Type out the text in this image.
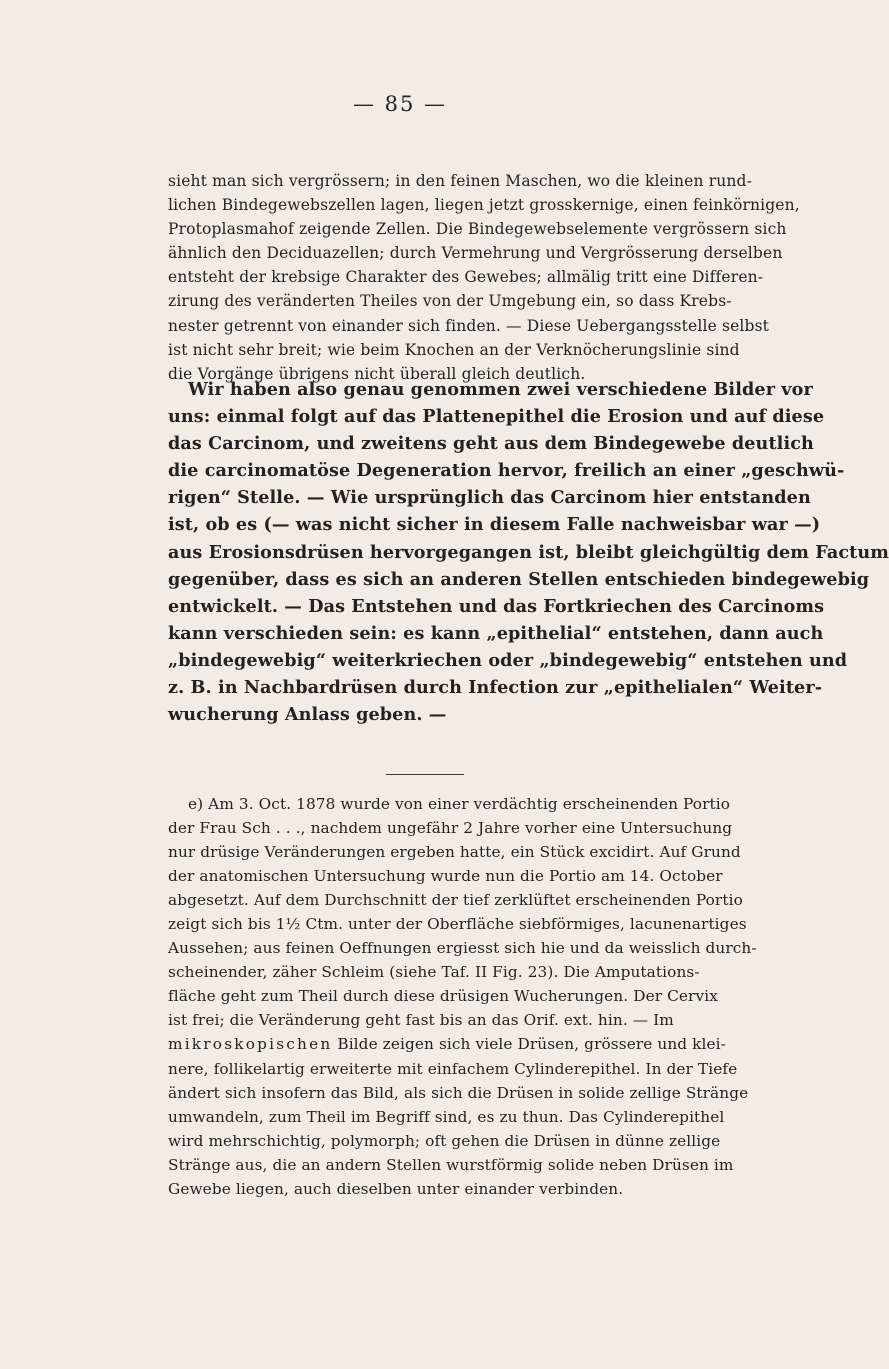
— 85 —

sieht man sich vergrössern; in den feinen Maschen, wo die kleinen rund-
lichen Bindegewebszellen lagen, liegen jetzt grosskernige, einen feinkörnigen,
Protoplasmahof zeigende Zellen. Die Bindegewebselemente vergrössern sich
ähnlich den Deciduazellen; durch Vermehrung und Vergrösserung derselben
entsteht der krebsige Charakter des Gewebes; allmälig tritt eine Differen-
zirung des veränderten Theiles von der Umgebung ein, so dass Krebs-
nester getrennt von einander sich finden. — Diese Uebergangsstelle selbst
ist nicht sehr breit; wie beim Knochen an der Verknöcherungslinie sind
die Vorgänge übrigens nicht überall gleich deutlich.

Wir haben also genau genommen zwei verschiedene Bilder vor
uns: einmal folgt auf das Plattenepithel die Erosion und auf diese
das Carcinom, und zweitens geht aus dem Bindegewebe deutlich
die carcinomatöse Degeneration hervor, freilich an einer „geschwü-
rigen“ Stelle. — Wie ursprünglich das Carcinom hier entstanden
ist, ob es (— was nicht sicher in diesem Falle nachweisbar war —)
aus Erosionsdrüsen hervorgegangen ist, bleibt gleichgültig dem Factum
gegenüber, dass es sich an anderen Stellen entschieden bindegewebig
entwickelt. — Das Entstehen und das Fortkriechen des Carcinoms
kann verschieden sein: es kann „epithelial“ entstehen, dann auch
„bindegewebig“ weiterkriechen oder „bindegewebig“ entstehen und
z. B. in Nachbardrüsen durch Infection zur „epithelialen“ Weiter-
wucherung Anlass geben. —

e) Am 3. Oct. 1878 wurde von einer verdächtig erscheinenden Portio
der Frau Sch . . ., nachdem ungefähr 2 Jahre vorher eine Untersuchung
nur drüsige Veränderungen ergeben hatte, ein Stück excidirt. Auf Grund
der anatomischen Untersuchung wurde nun die Portio am 14. October
abgesetzt. Auf dem Durchschnitt der tief zerklüftet erscheinenden Portio
zeigt sich bis 1½ Ctm. unter der Oberfläche siebförmiges, lacunenartiges
Aussehen; aus feinen Oeffnungen ergiesst sich hie und da weisslich durch-
scheinender, zäher Schleim (siehe Taf. II Fig. 23). Die Amputations-
fläche geht zum Theil durch diese drüsigen Wucherungen. Der Cervix
ist frei; die Veränderung geht fast bis an das Orif. ext. hin. — Im
mikroskopischen Bilde zeigen sich viele Drüsen, grössere und klei-
nere, follikelartig erweiterte mit einfachem Cylinderepithel. In der Tiefe
ändert sich insofern das Bild, als sich die Drüsen in solide zellige Stränge
umwandeln, zum Theil im Begriff sind, es zu thun. Das Cylinderepithel
wird mehrschichtig, polymorph; oft gehen die Drüsen in dünne zellige
Stränge aus, die an andern Stellen wurstförmig solide neben Drüsen im
Gewebe liegen, auch dieselben unter einander verbinden.
